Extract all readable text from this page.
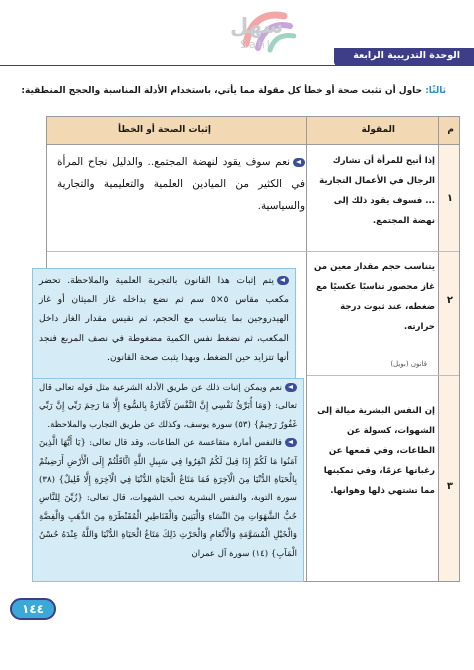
سهل
Sahl
الوحدة التدريبية الرابعة
ثالثًا: حاول أن تثبت صحة أو خطأ كل مقولة مما يأتي، باستخدام الأدلة المناسبة والحجج المنطقية:
م
المقولة
إثبات الصحة أو الخطأ
١
إذا أتيح للمرأة أن تشارك الرجال في الأعمال التجارية ... فسوف يقود ذلك إلى نهضة المجتمع.
نعم سوف يقود لنهضة المجتمع.. والدليل نجاح المرأة في الكثير من الميادين العلمية والتعليمية والتجارية والسياسية.
٢
يتناسب حجم مقدار معين من غاز محصور تناسبًا عكسيًا مع ضغطه، عند ثبوت درجة حرارته.
قانون (بويل)
٣
إن النفس البشرية ميالة إلى الشهوات، كسولة عن الطاعات، وفي قمعها عن رغباتها عزمًا، وفي تمكينها مما تشتهي ذلها وهوانها.
يتم إثبات هذا القانون بالتجربة العلمية والملاحظة. تحضر مكعب مقاس ٥×٥ سم ثم نضع بداخله غاز الميثان أو غاز الهيدروجين بما يتناسب مع الحجم، ثم نقيس مقدار الغاز داخل المكعب، ثم نضغط نفس الكمية مضغوطة في نصف المربع فنجد أنها تتزايد حين الضغط، وبهذا يثبت صحة القانون.
نعم ويمكن إثبات ذلك عن طريق الأدلة الشرعية مثل قوله تعالى قال تعالى: {وَمَا أُبَرِّئُ نَفْسِي إِنَّ النَّفْسَ لَأَمَّارَةٌ بِالسُّوءِ إِلَّا مَا رَحِمَ رَبِّي إِنَّ رَبِّي غَفُورٌ رَحِيمٌ} (٥٣) سورة يوسف، وكذلك عن طريق التجارب والملاحظة.
فالنفس أمارة متقاعسة عن الطاعات، وقد قال تعالى: {يَا أَيُّهَا الَّذِينَ آمَنُوا مَا لَكُمْ إِذَا قِيلَ لَكُمُ انْفِرُوا فِي سَبِيلِ اللَّهِ اثَّاقَلْتُمْ إِلَى الْأَرْضِ أَرَضِيتُمْ بِالْحَيَاةِ الدُّنْيَا مِنَ الْآخِرَةِ فَمَا مَتَاعُ الْحَيَاةِ الدُّنْيَا فِي الْآخِرَةِ إِلَّا قَلِيلٌ} (٣٨) سورة التوبة، والنفس البشرية تحب الشهوات، قال تعالى: {زُيِّنَ لِلنَّاسِ حُبُّ الشَّهَوَاتِ مِنَ النِّسَاءِ وَالْبَنِينَ وَالْقَنَاطِيرِ الْمُقَنْطَرَةِ مِنَ الذَّهَبِ وَالْفِضَّةِ وَالْخَيْلِ الْمُسَوَّمَةِ وَالْأَنْعَامِ وَالْحَرْثِ ذَلِكَ مَتَاعُ الْحَيَاةِ الدُّنْيَا وَاللَّهُ عِنْدَهُ حُسْنُ الْمَآبِ} (١٤) سورة آل عمران
١٤٤
